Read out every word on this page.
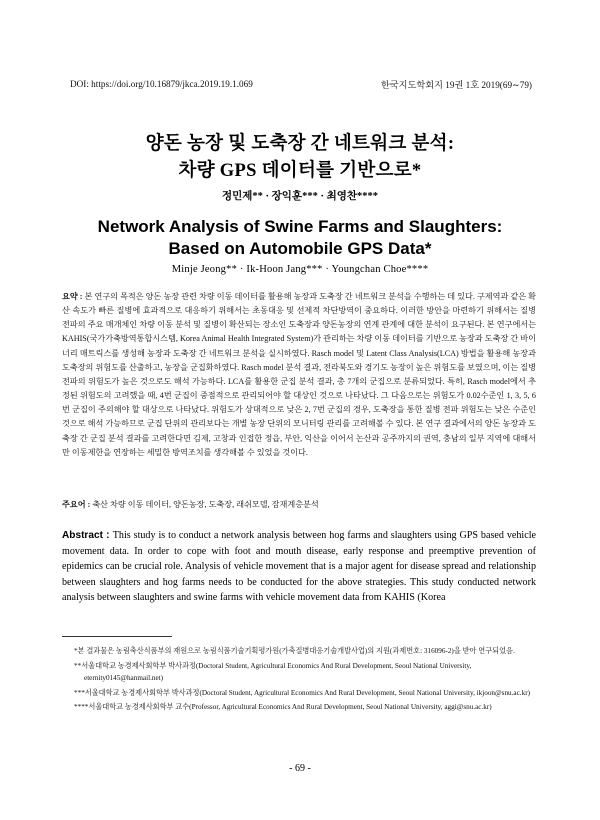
DOI: https://doi.org/10.16879/jkca.2019.19.1.069	한국지도학회지 19권 1호 2019(69∼79)
양돈 농장 및 도축장 간 네트워크 분석:
차량 GPS 데이터를 기반으로*
정민제** · 장익훈*** · 최영찬****
Network Analysis of Swine Farms and Slaughters:
Based on Automobile GPS Data*
Minje Jeong** · Ik-Hoon Jang*** · Youngchan Choe****
요약 : 본 연구의 목적은 양돈 농장 관련 차량 이동 데이터를 활용해 농장과 도축장 간 네트워크 분석을 수행하는 데 있다. 구제역과 같은 확산 속도가 빠른 질병에 효과적으로 대응하기 위해서는 초동대응 및 선제적 차단방역이 중요하다. 이러한 방안을 마련하기 위해서는 질병 전파의 주요 매개체인 차량 이동 분석 및 질병이 확산되는 장소인 도축장과 양돈농장의 연계 관계에 대한 분석이 요구된다. 본 연구에서는 KAHIS(국가가축방역통합시스템, Korea Animal Health Integrated System)가 관리하는 차량 이동 데이터를 기반으로 농장과 도축장 간 바이너리 매트릭스를 생성해 농장과 도축장 간 네트워크 분석을 실시하였다. Rasch model 및 Latent Class Analysis(LCA) 방법을 활용해 농장과 도축장의 위험도를 산출하고, 농장을 군집화하였다. Rasch model 분석 결과, 전라북도와 경기도 농장이 높은 위험도를 보였으며, 이는 질병 전파의 위험도가 높은 것으로도 해석 가능하다. LCA를 활용한 군집 분석 결과, 총 7개의 군집으로 분류되었다. 특히, Rasch model에서 추정된 위험도의 고려했을 때, 4번 군집이 중점적으로 관리되어야 할 대상인 것으로 나타났다. 그 다음으로는 위험도가 0.02수준인 1, 3, 5, 6번 군집이 주의해야 할 대상으로 나타났다. 위험도가 상대적으로 낮은 2, 7번 군집의 경우, 도축장을 통한 질병 전파 위험도는 낮은 수준인 것으로 해석 가능하므로 군집 단위의 관리보다는 개별 농장 단위의 모니터링 관리를 고려해볼 수 있다. 본 연구 결과에서의 양돈 농장과 도축장 간 군집 분석 결과를 고려한다면 김제, 고창과 인접한 정읍, 부안, 익산을 이어서 논산과 공주까지의 권역, 충남의 일부 지역에 대해서만 이동제한을 연장하는 세밀한 방역조치를 생각해볼 수 있었을 것이다.
주요어 : 축산 차량 이동 데이터, 양돈농장, 도축장, 래쉬모델, 잠재계층분석
Abstract : This study is to conduct a network analysis between hog farms and slaughters using GPS based vehicle movement data. In order to cope with foot and mouth disease, early response and preemptive prevention of epidemics can be crucial role. Analysis of vehicle movement that is a major agent for disease spread and relationship between slaughters and hog farms needs to be conducted for the above strategies. This study conducted network analysis between slaughters and swine farms with vehicle movement data from KAHIS (Korea

*본 결과물은 농림축산식품부의 재원으로 농림식품기술기획평가원(가축질병대응기술개발사업)의 지원(과제번호: 316096-2)을 받아 연구되었음.

**서울대학교 농경제사회학부 박사과정(Doctoral Student, Agricultural Economics And Rural Development, Seoul National University, eternity0145@hanmail.net)

***서울대학교 농경제사회학부 박사과정(Doctoral Student, Agricultural Economics And Rural Development, Seoul National University, ikjoon@snu.ac.kr)

****서울대학교 농경제사회학부 교수(Professor, Agricultural Economics And Rural Development, Seoul National University, aggi@snu.ac.kr)

- 69 -
